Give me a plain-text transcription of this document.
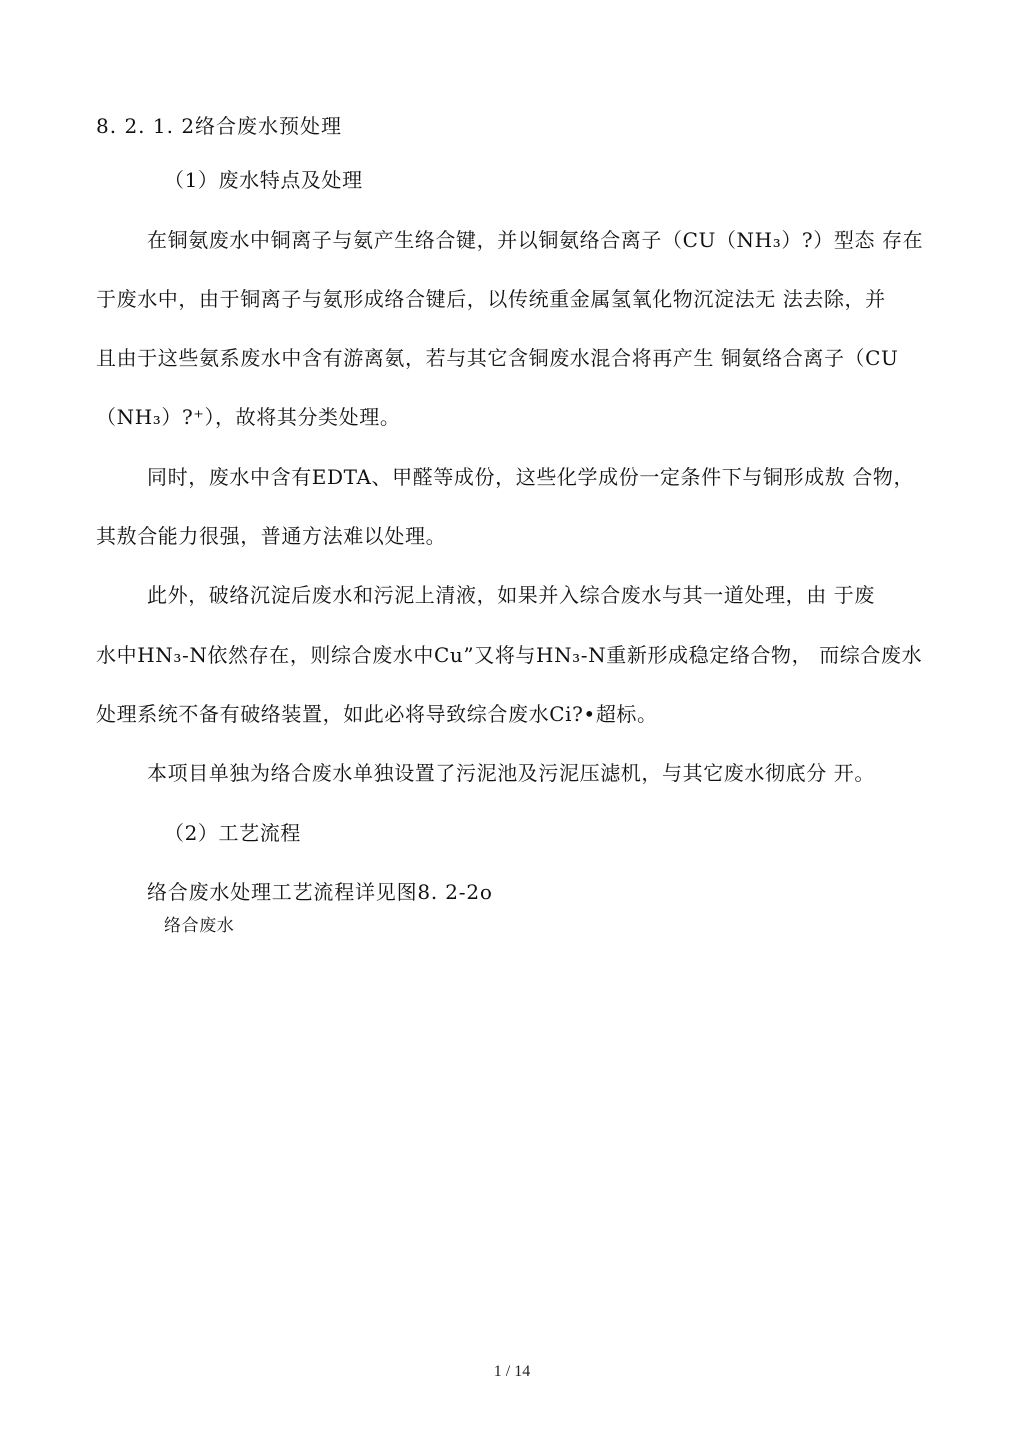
8. 2. 1. 2络合废水预处理
（1）废水特点及处理
在铜氨废水中铜离子与氨产生络合键，并以铜氨络合离子（CU（NH₃）?）型态 存在
于废水中，由于铜离子与氨形成络合键后，以传统重金属氢氧化物沉淀法无 法去除，并
且由于这些氨系废水中含有游离氨，若与其它含铜废水混合将再产生 铜氨络合离子（CU
（NH₃）?⁺），故将其分类处理。
同时，废水中含有EDTA、甲醛等成份，这些化学成份一定条件下与铜形成敖 合物，
其敖合能力很强，普通方法难以处理。
此外，破络沉淀后废水和污泥上清液，如果并入综合废水与其一道处理，由 于废
水中HN₃-N依然存在，则综合废水中Cu”又将与HN₃-N重新形成稳定络合物， 而综合废水
处理系统不备有破络装置，如此必将导致综合废水Ci?•超标。
本项目单独为络合废水单独设置了污泥池及污泥压滤机，与其它废水彻底分 开。
（2）工艺流程
络合废水处理工艺流程详见图8. 2-2o
络合废水
1 / 14
